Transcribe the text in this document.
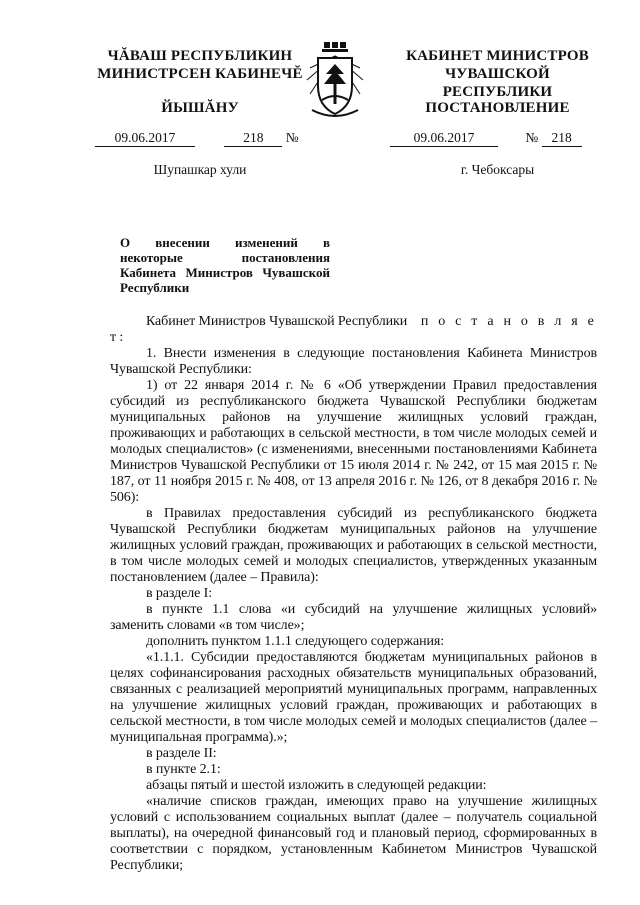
ЧĂВАШ РЕСПУБЛИКИН
МИНИСТРСЕН КАБИНЕЧĔ
ЙЫШĂНУ
КАБИНЕТ МИНИСТРОВ
ЧУВАШСКОЙ РЕСПУБЛИКИ
ПОСТАНОВЛЕНИЕ
09.06.2017	218 №	09.06.2017	№ 218
Шупашкар хули	г. Чебоксары
О внесении изменений в некоторые постановления Кабинета Министров Чувашской Республики

Кабинет Министров Чувашской Республики п о с т а н о в л я е т:

1. Внести изменения в следующие постановления Кабинета Министров Чувашской Республики:

1) от 22 января 2014 г. № 6 «Об утверждении Правил предоставления субсидий из республиканского бюджета Чувашской Республики бюджетам муниципальных районов на улучшение жилищных условий граждан, проживающих и работающих в сельской местности, в том числе молодых семей и молодых специалистов» (с изменениями, внесенными постановлениями Кабинета Министров Чувашской Республики от 15 июля 2014 г. № 242, от 15 мая 2015 г. № 187, от 11 ноября 2015 г. № 408, от 13 апреля 2016 г. № 126, от 8 декабря 2016 г. № 506):

в Правилах предоставления субсидий из республиканского бюджета Чувашской Республики бюджетам муниципальных районов на улучшение жилищных условий граждан, проживающих и работающих в сельской местности, в том числе молодых семей и молодых специалистов, утвержденных указанным постановлением (далее – Правила):

в разделе I:

в пункте 1.1 слова «и субсидий на улучшение жилищных условий» заменить словами «в том числе»;

дополнить пунктом 1.1.1 следующего содержания:

«1.1.1. Субсидии предоставляются бюджетам муниципальных районов в целях софинансирования расходных обязательств муниципальных образований, связанных с реализацией мероприятий муниципальных программ, направленных на улучшение жилищных условий граждан, проживающих и работающих в сельской местности, в том числе молодых семей и молодых специалистов (далее – муниципальная программа).»;

в разделе II:

в пункте 2.1:

абзацы пятый и шестой изложить в следующей редакции:

«наличие списков граждан, имеющих право на улучшение жилищных условий с использованием социальных выплат (далее – получатель социальной выплаты), на очередной финансовый год и плановый период, сформированных в соответствии с порядком, установленным Кабинетом Министров Чувашской Республики;
